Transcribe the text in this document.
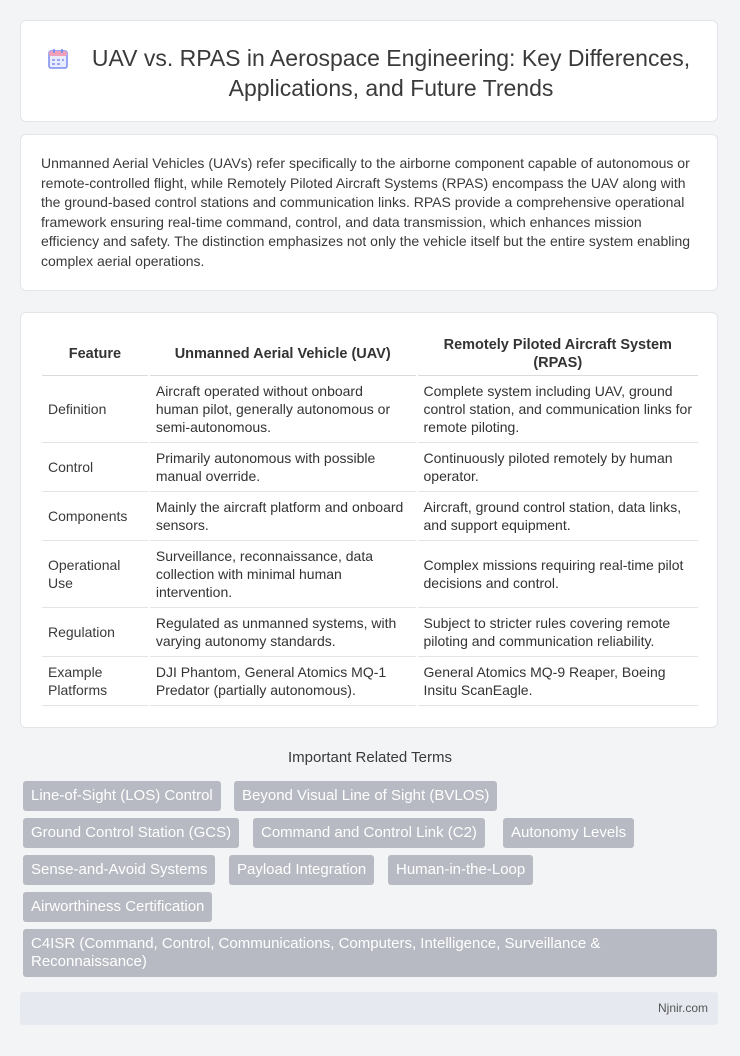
UAV vs. RPAS in Aerospace Engineering: Key Differences, Applications, and Future Trends

Unmanned Aerial Vehicles (UAVs) refer specifically to the airborne component capable of autonomous or remote-controlled flight, while Remotely Piloted Aircraft Systems (RPAS) encompass the UAV along with the ground-based control stations and communication links. RPAS provide a comprehensive operational framework ensuring real-time command, control, and data transmission, which enhances mission efficiency and safety. The distinction emphasizes not only the vehicle itself but the entire system enabling complex aerial operations.

Feature	Unmanned Aerial Vehicle (UAV)	Remotely Piloted Aircraft System (RPAS)
Definition	Aircraft operated without onboard human pilot, generally autonomous or semi-autonomous.	Complete system including UAV, ground control station, and communication links for remote piloting.
Control	Primarily autonomous with possible manual override.	Continuously piloted remotely by human operator.
Components	Mainly the aircraft platform and onboard sensors.	Aircraft, ground control station, data links, and support equipment.
Operational Use	Surveillance, reconnaissance, data collection with minimal human intervention.	Complex missions requiring real-time pilot decisions and control.
Regulation	Regulated as unmanned systems, with varying autonomy standards.	Subject to stricter rules covering remote piloting and communication reliability.
Example Platforms	DJI Phantom, General Atomics MQ-1 Predator (partially autonomous).	General Atomics MQ-9 Reaper, Boeing Insitu ScanEagle.
Important Related Terms
Line-of-Sight (LOS) Control	Beyond Visual Line of Sight (BVLOS)
Ground Control Station (GCS)	Command and Control Link (C2)	Autonomy Levels
Sense-and-Avoid Systems	Payload Integration	Human-in-the-Loop
Airworthiness Certification
C4ISR (Command, Control, Communications, Computers, Intelligence, Surveillance & Reconnaissance)
Njnir.com
